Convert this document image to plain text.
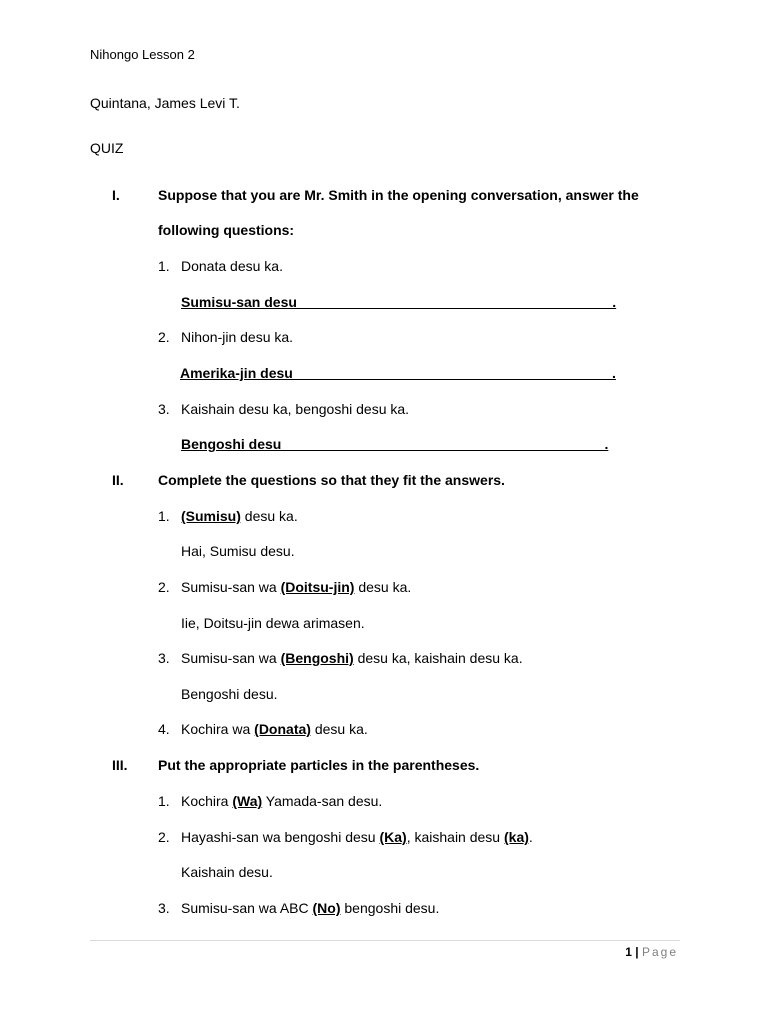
Nihongo Lesson 2
Quintana, James Levi T.
QUIZ
I.	Suppose that you are Mr. Smith in the opening conversation, answer the
following questions:
1. Donata desu ka.
Sumisu-san desu ________________________________________.
2. Nihon-jin desu ka.
Amerika-jin desu_________________________________________.
3. Kaishain desu ka, bengoshi desu ka.
Bengoshi desu _________________________________________.
II. Complete the questions so that they fit the answers.
1. (Sumisu) desu ka.
Hai, Sumisu desu.
2. Sumisu-san wa (Doitsu-jin) desu ka.
Iie, Doitsu-jin dewa arimasen.
3. Sumisu-san wa (Bengoshi) desu ka, kaishain desu ka.
Bengoshi desu.
4. Kochira wa (Donata) desu ka.
III. Put the appropriate particles in the parentheses.
1. Kochira (Wa) Yamada-san desu.
2. Hayashi-san wa bengoshi desu (Ka), kaishain desu (ka).
Kaishain desu.
3. Sumisu-san wa ABC (No) bengoshi desu.
1 | Page
